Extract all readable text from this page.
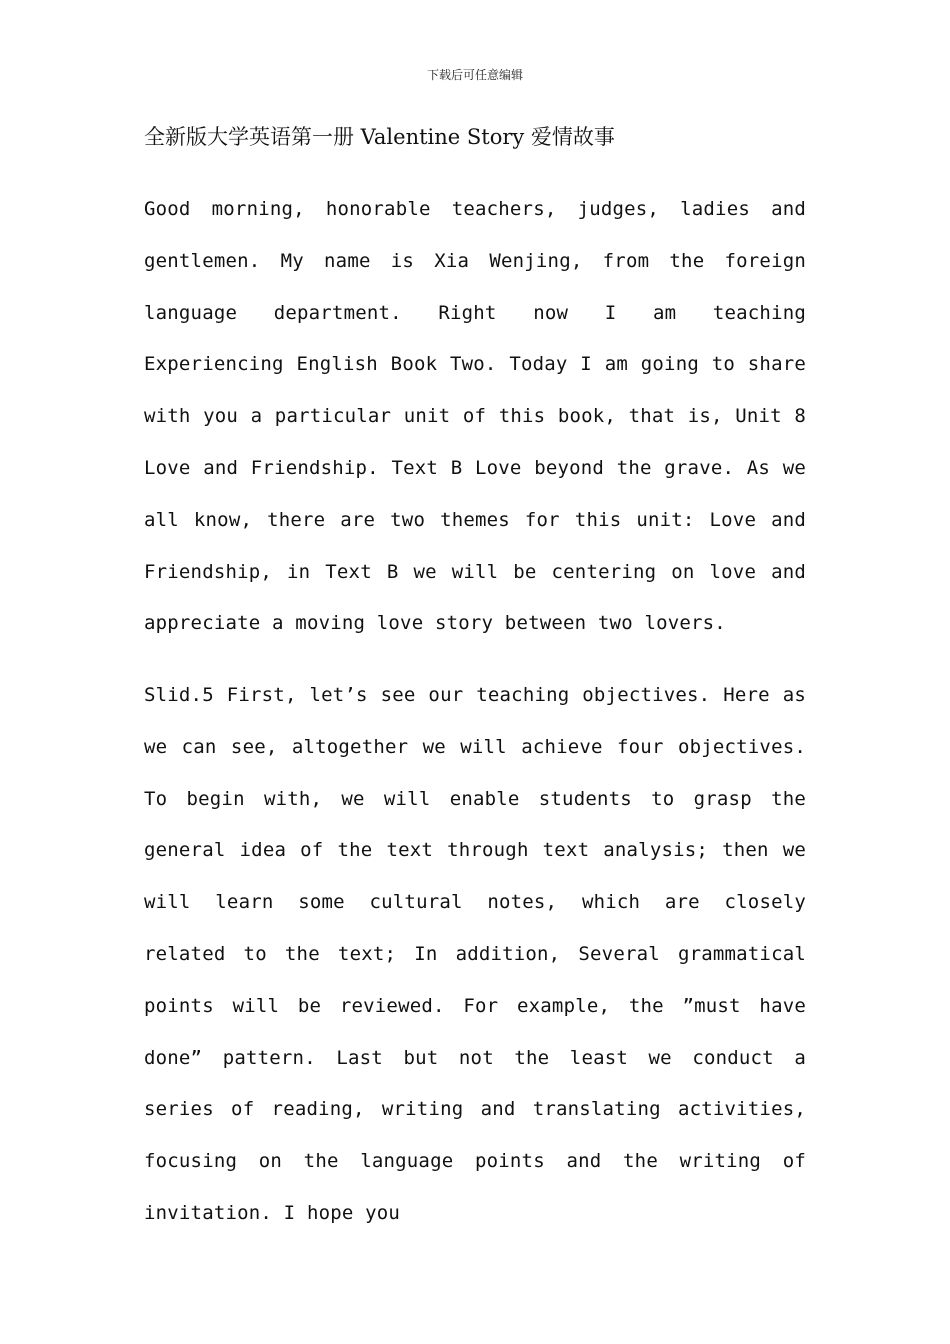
下载后可任意编辑
全新版大学英语第一册 Valentine Story 爱情故事

Good morning, honorable teachers, judges, ladies and gentlemen. My name is Xia Wenjing, from the foreign language department. Right now I am teaching Experiencing English Book Two. Today I am going to share with you a particular unit of this book, that is, Unit 8 Love and Friendship. Text B Love beyond the grave. As we all know, there are two themes for this unit: Love and Friendship, in Text B we will be centering on love and appreciate a moving love story between two lovers.

Slid.5 First, let’s see our teaching objectives. Here as we can see, altogether we will achieve four objectives. To begin with, we will enable students to grasp the general idea of the text through text analysis; then we will learn some cultural notes, which are closely related to the text; In addition, Several grammatical points will be reviewed. For example, the ”must have done” pattern. Last but not the least we conduct a series of reading, writing and translating activities, focusing on the language points and the writing of invitation. I hope you
